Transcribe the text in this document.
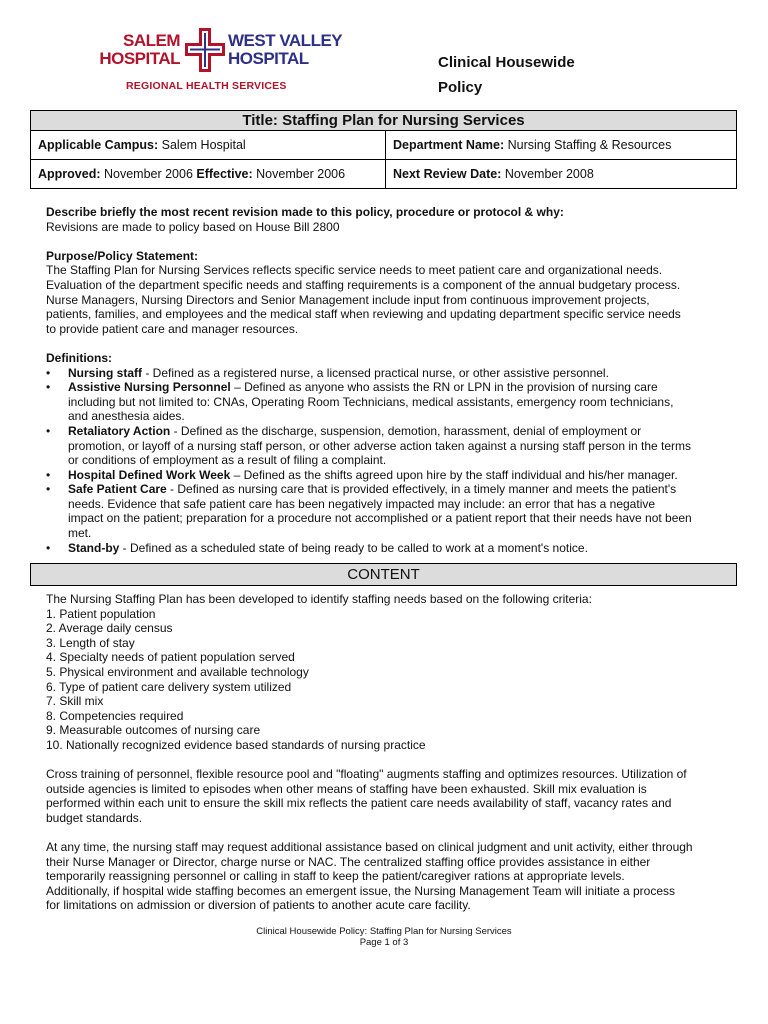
SALEM
HOSPITAL
WEST VALLEY
HOSPITAL
REGIONAL HEALTH SERVICES
Clinical Housewide
Policy
Title: Staffing Plan for Nursing Services	
Applicable Campus: Salem Hospital	Department Name: Nursing Staffing & Resources
Approved: November 2006 Effective: November 2006	Next Review Date: November 2008

Describe briefly the most recent revision made to this policy, procedure or protocol & why:

Revisions are made to policy based on House Bill 2800

Purpose/Policy Statement:

The Staffing Plan for Nursing Services reflects specific service needs to meet patient care and organizational needs.

Evaluation of the department specific needs and staffing requirements is a component of the annual budgetary process.

Nurse Managers, Nursing Directors and Senior Management include input from continuous improvement projects,

patients, families, and employees and the medical staff when reviewing and updating department specific service needs

to provide patient care and manager resources.

Definitions:

• Nursing staff - Defined as a registered nurse, a licensed practical nurse, or other assistive personnel.
• Assistive Nursing Personnel – Defined as anyone who assists the RN or LPN in the provision of nursing care
including but not limited to: CNAs, Operating Room Technicians, medical assistants, emergency room technicians,
and anesthesia aides.
• Retaliatory Action - Defined as the discharge, suspension, demotion, harassment, denial of employment or
promotion, or layoff of a nursing staff person, or other adverse action taken against a nursing staff person in the terms
or conditions of employment as a result of filing a complaint.
• Hospital Defined Work Week – Defined as the shifts agreed upon hire by the staff individual and his/her manager.
• Safe Patient Care - Defined as nursing care that is provided effectively, in a timely manner and meets the patient's
needs. Evidence that safe patient care has been negatively impacted may include: an error that has a negative
impact on the patient; preparation for a procedure not accomplished or a patient report that their needs have not been
met.
• Stand-by - Defined as a scheduled state of being ready to be called to work at a moment's notice.
CONTENT

The Nursing Staffing Plan has been developed to identify staffing needs based on the following criteria:

1. Patient population

2. Average daily census

3. Length of stay

4. Specialty needs of patient population served

5. Physical environment and available technology

6. Type of patient care delivery system utilized

7. Skill mix

8. Competencies required

9. Measurable outcomes of nursing care

10. Nationally recognized evidence based standards of nursing practice

Cross training of personnel, flexible resource pool and "floating" augments staffing and optimizes resources. Utilization of

outside agencies is limited to episodes when other means of staffing have been exhausted. Skill mix evaluation is

performed within each unit to ensure the skill mix reflects the patient care needs availability of staff, vacancy rates and

budget standards.

At any time, the nursing staff may request additional assistance based on clinical judgment and unit activity, either through

their Nurse Manager or Director, charge nurse or NAC. The centralized staffing office provides assistance in either

temporarily reassigning personnel or calling in staff to keep the patient/caregiver rations at appropriate levels.

Additionally, if hospital wide staffing becomes an emergent issue, the Nursing Management Team will initiate a process

for limitations on admission or diversion of patients to another acute care facility.

Clinical Housewide Policy: Staffing Plan for Nursing Services
Page 1 of 3
